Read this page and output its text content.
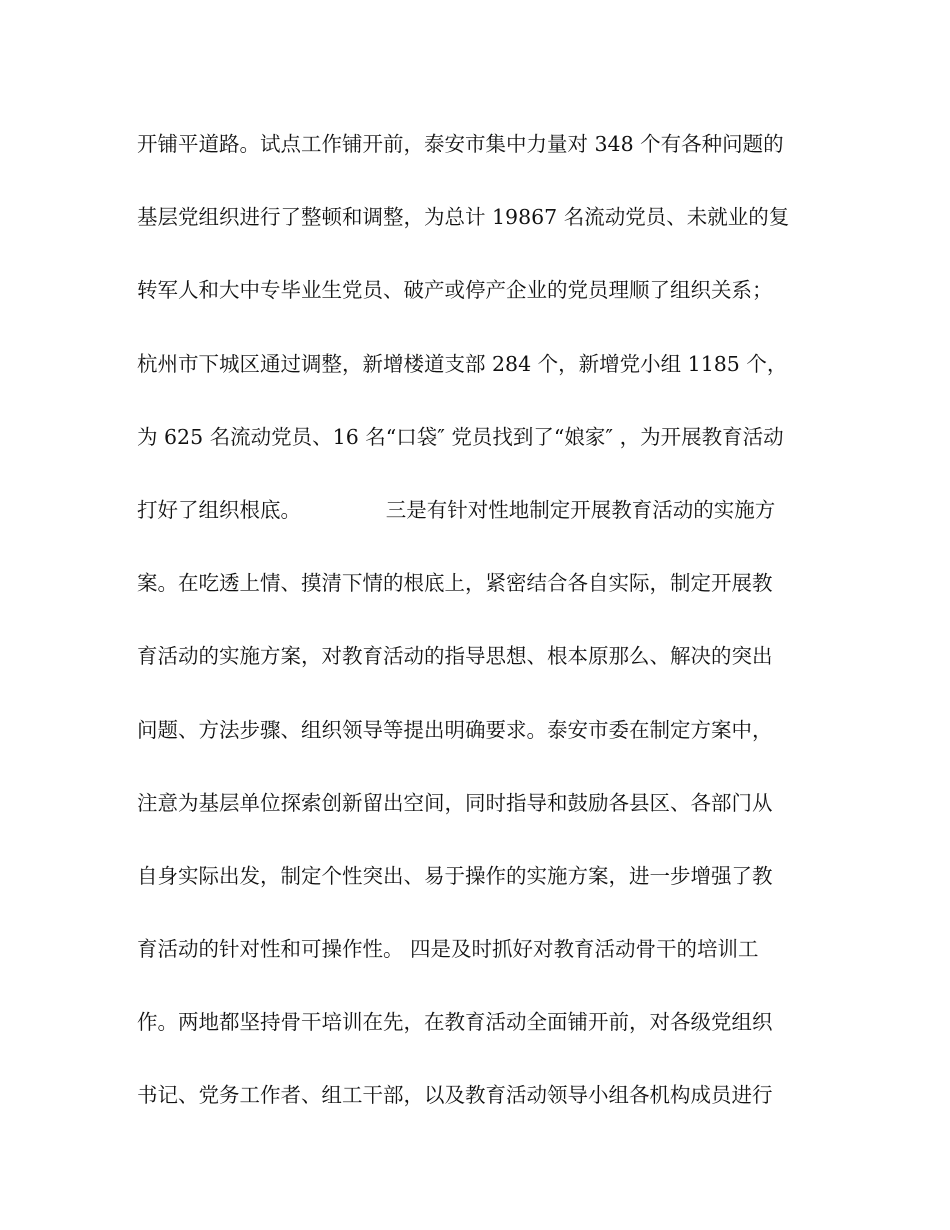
开铺平道路。试点工作铺开前，泰安市集中力量对 348 个有各种问题的
基层党组织进行了整顿和调整，为总计 19867 名流动党员、未就业的复
转军人和大中专毕业生党员、破产或停产企业的党员理顺了组织关系；
杭州市下城区通过调整，新增楼道支部 284 个，新增党小组 1185 个，
为 625 名流动党员、16 名“口袋″ 党员找到了“娘家″ ，为开展教育活动
打好了组织根底。             三是有针对性地制定开展教育活动的实施方
案。在吃透上情、摸清下情的根底上，紧密结合各自实际，制定开展教
育活动的实施方案，对教育活动的指导思想、根本原那么、解决的突出
问题、方法步骤、组织领导等提出明确要求。泰安市委在制定方案中，
注意为基层单位探索创新留出空间，同时指导和鼓励各县区、各部门从
自身实际出发，制定个性突出、易于操作的实施方案，进一步增强了教
育活动的针对性和可操作性。 四是及时抓好对教育活动骨干的培训工
作。两地都坚持骨干培训在先，在教育活动全面铺开前，对各级党组织
书记、党务工作者、组工干部，以及教育活动领导小组各机构成员进行
